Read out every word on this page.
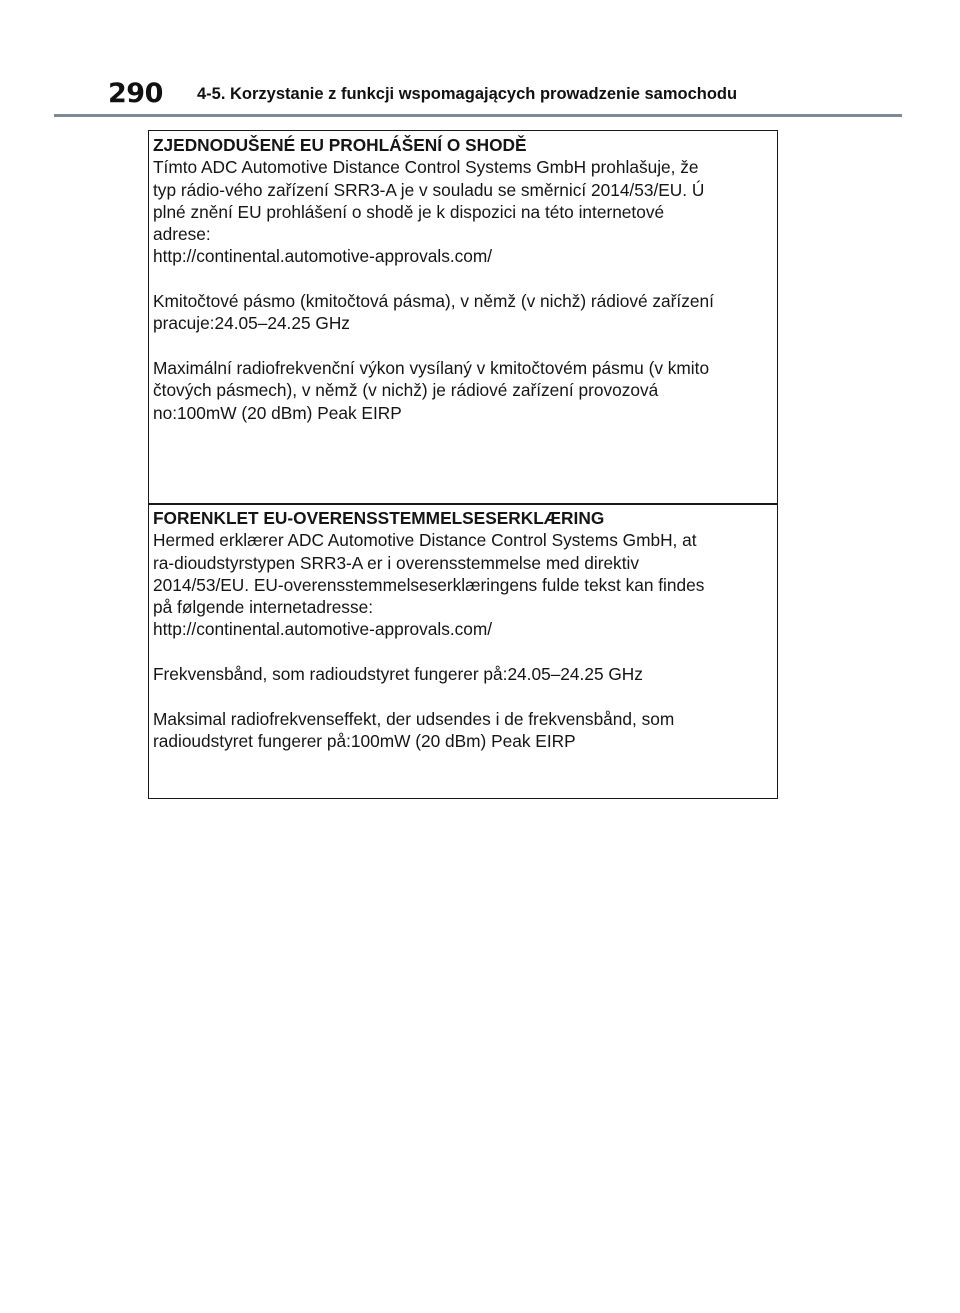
290 4-5. Korzystanie z funkcji wspomagających prowadzenie samochodu
ZJEDNODUŠENÉ EU PROHLÁŠENÍ O SHODĚ
Tímto ADC Automotive Distance Control Systems GmbH prohlašuje, že
typ rádio-vého zařízení SRR3-A je v souladu se směrnicí 2014/53/EU. Ú
plné znění EU prohlášení o shodě je k dispozici na této internetové
adrese:
http://continental.automotive-approvals.com/
Kmitočtové pásmo (kmitočtová pásma), v němž (v nichž) rádiové zařízení
pracuje:24.05–24.25 GHz
Maximální radiofrekvenční výkon vysílaný v kmitočtovém pásmu (v kmito
čtových pásmech), v němž (v nichž) je rádiové zařízení provozová
no:100mW (20 dBm) Peak EIRP
FORENKLET EU-OVERENSSTEMMELSESERKLÆRING
Hermed erklærer ADC Automotive Distance Control Systems GmbH, at
ra-dioudstyrstypen SRR3-A er i overensstemmelse med direktiv
2014/53/EU. EU-overensstemmelseserklæringens fulde tekst kan findes
på følgende internetadresse:
http://continental.automotive-approvals.com/
Frekvensbånd, som radioudstyret fungerer på:24.05–24.25 GHz
Maksimal radiofrekvenseffekt, der udsendes i de frekvensbånd, som
radioudstyret fungerer på:100mW (20 dBm) Peak EIRP
